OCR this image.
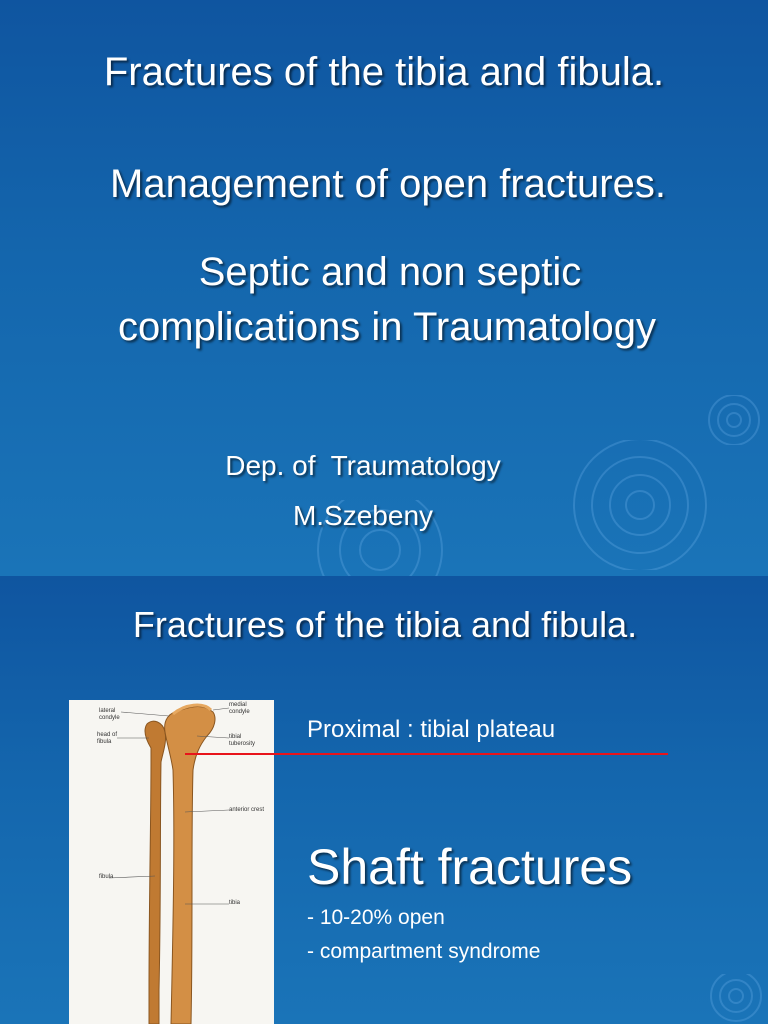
Fractures of the tibia and fibula.
Management of open fractures.
Septic and non septic
complications in Traumatology
Dep. of  Traumatology
M.Szebeny
Fractures of the tibia and fibula.
lateral condyle
head of fibula
fibula
medial condyle
tibial tuberosity
anterior crest
tibia
Proximal : tibial plateau
Shaft fractures
- 10-20% open
- compartment syndrome
